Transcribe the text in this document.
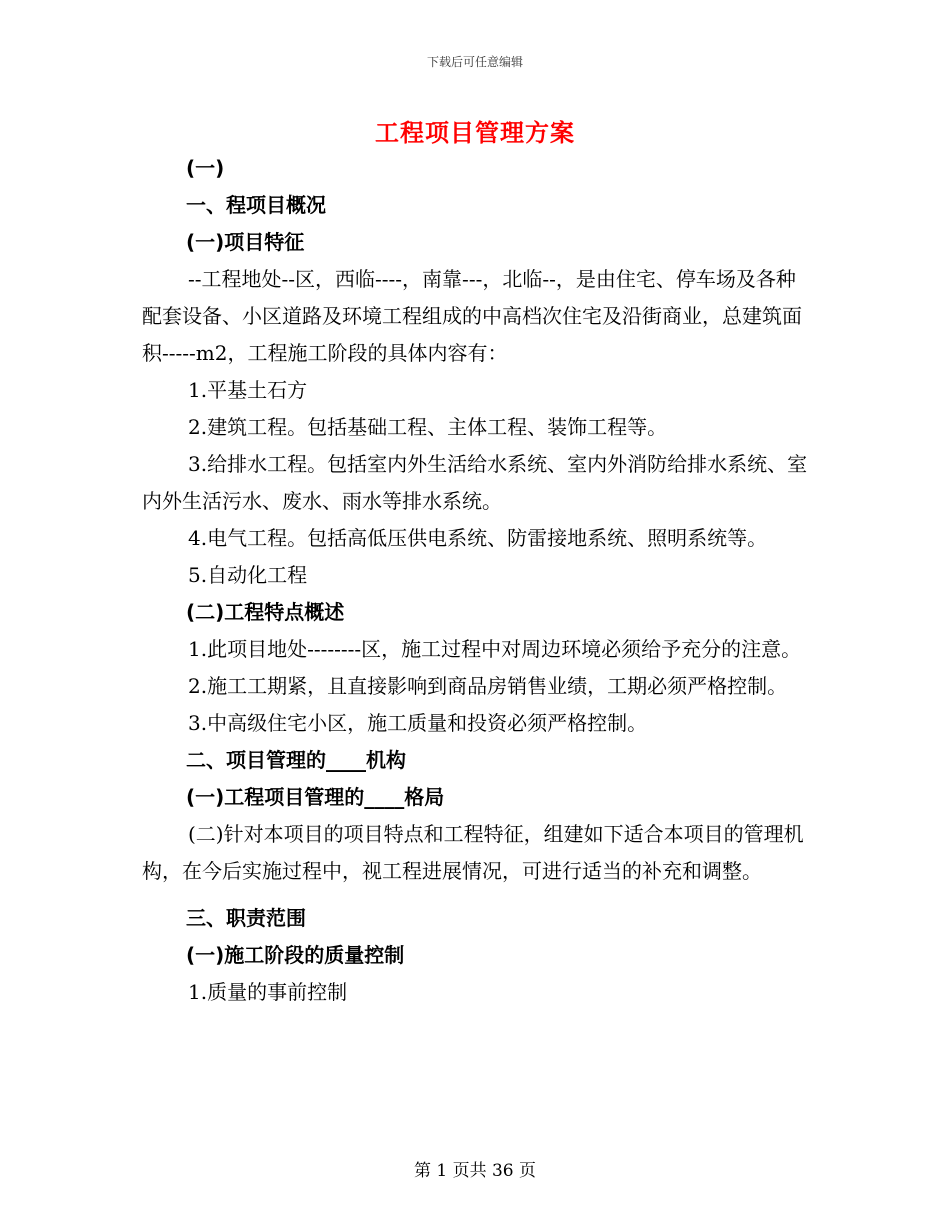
下载后可任意编辑
工程项目管理方案

(一)

一、程项目概况

(一)项目特征

--工程地处--区，西临----，南靠---，北临--，是由住宅、停车场及各种配套设备、小区道路及环境工程组成的中高档次住宅及沿街商业，总建筑面积-----m2，工程施工阶段的具体内容有：

1.平基土石方

2.建筑工程。包括基础工程、主体工程、装饰工程等。

3.给排水工程。包括室内外生活给水系统、室内外消防给排水系统、室内外生活污水、废水、雨水等排水系统。

4.电气工程。包括高低压供电系统、防雷接地系统、照明系统等。

5.自动化工程

(二)工程特点概述

1.此项目地处--------区，施工过程中对周边环境必须给予充分的注意。

2.施工工期紧，且直接影响到商品房销售业绩，工期必须严格控制。

3.中高级住宅小区，施工质量和投资必须严格控制。

二、项目管理的____机构

(一)工程项目管理的____格局

(二)针对本项目的项目特点和工程特征，组建如下适合本项目的管理机构，在今后实施过程中，视工程进展情况，可进行适当的补充和调整。

三、职责范围

(一)施工阶段的质量控制

1.质量的事前控制

第 1 页共 36 页
